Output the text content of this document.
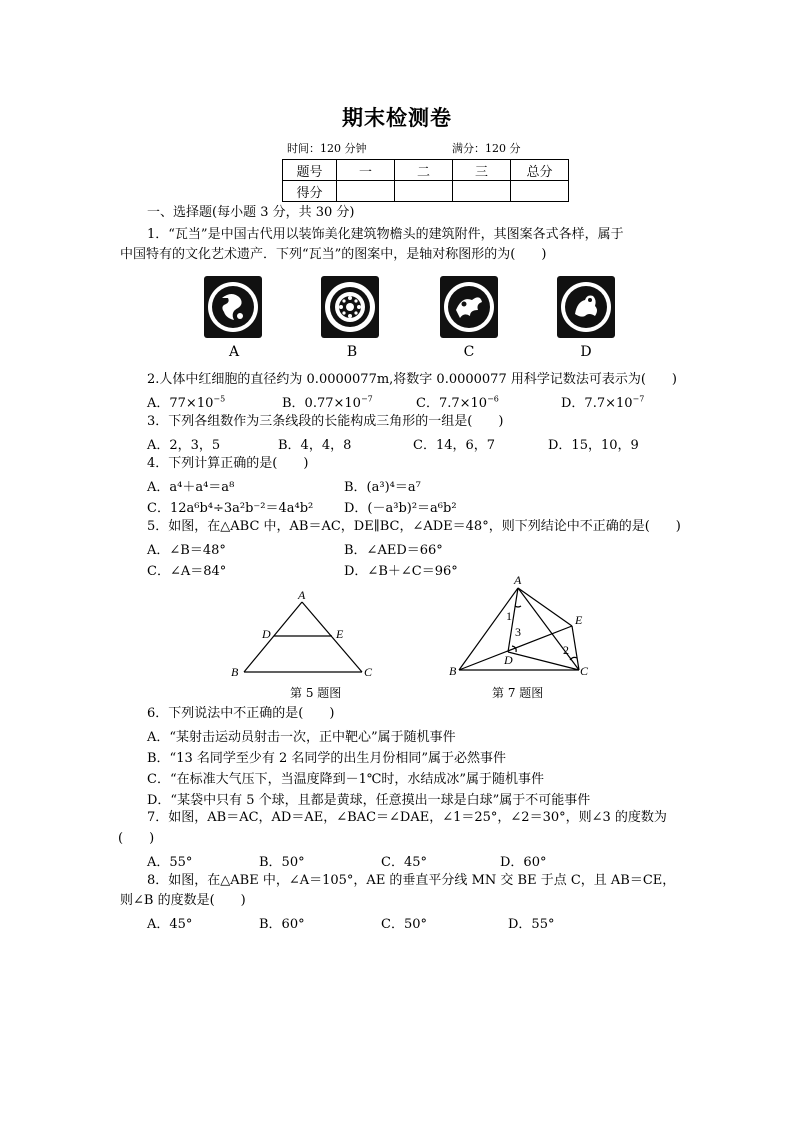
期末检测卷
时间：120 分钟	满分：120 分
题号	一	二	三	总分
得分				
一、选择题(每小题 3 分，共 30 分)
1．“瓦当”是中国古代用以装饰美化建筑物檐头的建筑附件，其图案各式各样，属于
中国特有的文化艺术遗产．下列“瓦当”的图案中，是轴对称图形的为(　　)
A	B	C	D
2.人体中红细胞的直径约为 0.0000077m,将数字 0.0000077 用科学记数法可表示为(　　)
A．$77\times 10^{-5}$	B．$0.77\times 10^{-7}$	C．$7.7\times 10^{-6}$	D．$7.7\times 10^{-7}$
3．下列各组数作为三条线段的长能构成三角形的一组是(　　)
A．2，3，5	B．4，4，8	C．14，6，7	D．15，10，9
4．下列计算正确的是(　　)
A．a⁴＋a⁴＝a⁸	B．(a³)⁴＝a⁷
C．12a⁶b⁴÷3a²b⁻²＝4a⁴b² D．(－a³b)²＝a⁶b²
5．如图，在△ABC 中，AB＝AC，DE∥BC，∠ADE＝48°，则下列结论中不正确的是(　　)
A．∠B＝48°	B．∠AED＝66°
C．∠A＝84°	D．∠B＋∠C＝96°
A
D	E
B	C
第 5 题图
A
E
B	C
D
1
3
2
第 7 题图
6．下列说法中不正确的是(　　)
A．“某射击运动员射击一次，正中靶心”属于随机事件
B．“13 名同学至少有 2 名同学的出生月份相同”属于必然事件
C．“在标准大气压下，当温度降到－1℃时，水结成冰”属于随机事件
D．“某袋中只有 5 个球，且都是黄球，任意摸出一球是白球”属于不可能事件
7．如图，AB＝AC，AD＝AE，∠BAC＝∠DAE，∠1＝25°，∠2＝30°，则∠3 的度数为
(　　)
A．55°	B．50°	C．45°	D．60°
8．如图，在△ABE 中，∠A＝105°，AE 的垂直平分线 MN 交 BE 于点 C，且 AB＝CE，
则∠B 的度数是(　　)
A．45°	B．60°	C．50°	D．55°
